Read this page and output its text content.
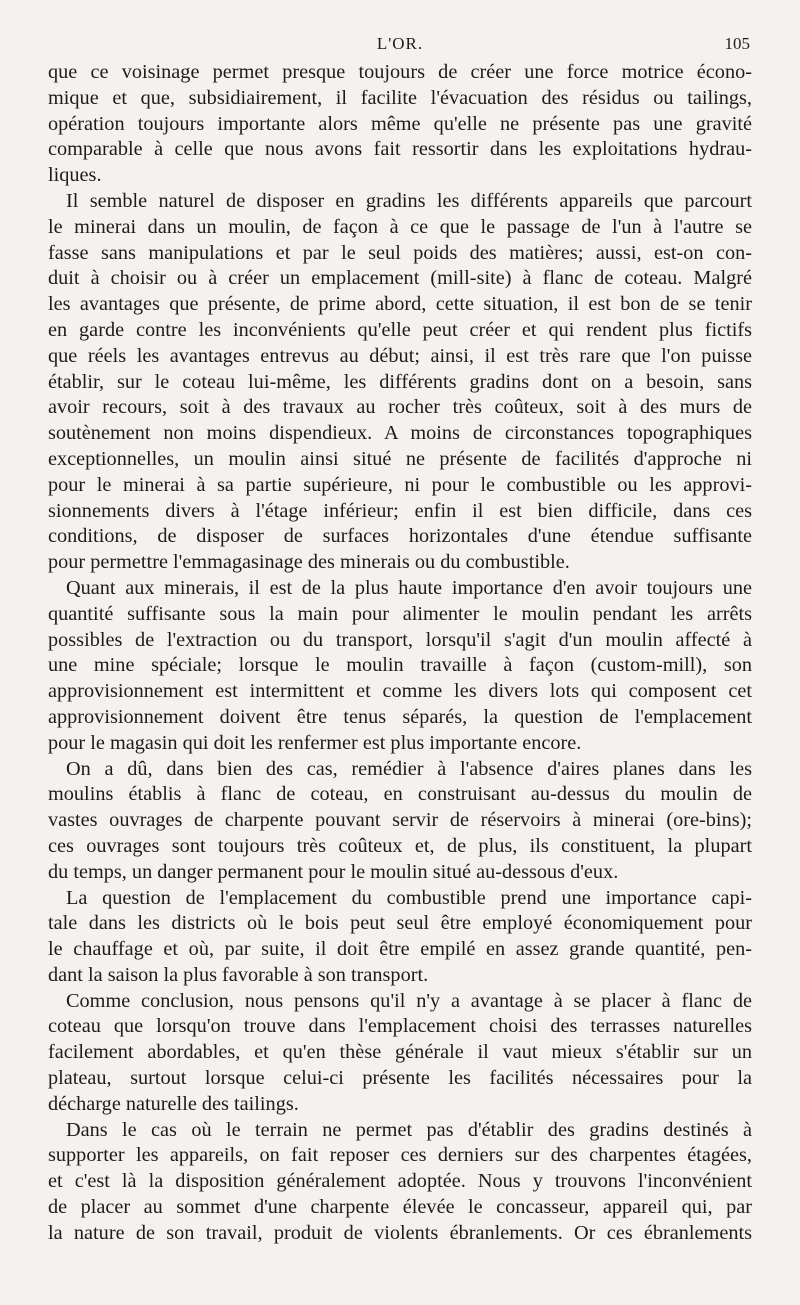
L'OR.	105
que ce voisinage permet presque toujours de créer une force motrice écono-
mique et que, subsidiairement, il facilite l'évacuation des résidus ou tailings,
opération toujours importante alors même qu'elle ne présente pas une gravité
comparable à celle que nous avons fait ressortir dans les exploitations hydrau-
liques.
Il semble naturel de disposer en gradins les différents appareils que parcourt
le minerai dans un moulin, de façon à ce que le passage de l'un à l'autre se
fasse sans manipulations et par le seul poids des matières; aussi, est-on con-
duit à choisir ou à créer un emplacement (mill-site) à flanc de coteau. Malgré
les avantages que présente, de prime abord, cette situation, il est bon de se tenir
en garde contre les inconvénients qu'elle peut créer et qui rendent plus fictifs
que réels les avantages entrevus au début; ainsi, il est très rare que l'on puisse
établir, sur le coteau lui-même, les différents gradins dont on a besoin, sans
avoir recours, soit à des travaux au rocher très coûteux, soit à des murs de
soutènement non moins dispendieux. A moins de circonstances topographiques
exceptionnelles, un moulin ainsi situé ne présente de facilités d'approche ni
pour le minerai à sa partie supérieure, ni pour le combustible ou les approvi-
sionnements divers à l'étage inférieur; enfin il est bien difficile, dans ces
conditions, de disposer de surfaces horizontales d'une étendue suffisante
pour permettre l'emmagasinage des minerais ou du combustible.
Quant aux minerais, il est de la plus haute importance d'en avoir toujours une
quantité suffisante sous la main pour alimenter le moulin pendant les arrêts
possibles de l'extraction ou du transport, lorsqu'il s'agit d'un moulin affecté à
une mine spéciale; lorsque le moulin travaille à façon (custom-mill), son
approvisionnement est intermittent et comme les divers lots qui composent cet
approvisionnement doivent être tenus séparés, la question de l'emplacement
pour le magasin qui doit les renfermer est plus importante encore.
On a dû, dans bien des cas, remédier à l'absence d'aires planes dans les
moulins établis à flanc de coteau, en construisant au-dessus du moulin de
vastes ouvrages de charpente pouvant servir de réservoirs à minerai (ore-bins);
ces ouvrages sont toujours très coûteux et, de plus, ils constituent, la plupart
du temps, un danger permanent pour le moulin situé au-dessous d'eux.
La question de l'emplacement du combustible prend une importance capi-
tale dans les districts où le bois peut seul être employé économiquement pour
le chauffage et où, par suite, il doit être empilé en assez grande quantité, pen-
dant la saison la plus favorable à son transport.
Comme conclusion, nous pensons qu'il n'y a avantage à se placer à flanc de
coteau que lorsqu'on trouve dans l'emplacement choisi des terrasses naturelles
facilement abordables, et qu'en thèse générale il vaut mieux s'établir sur un
plateau, surtout lorsque celui-ci présente les facilités nécessaires pour la
décharge naturelle des tailings.
Dans le cas où le terrain ne permet pas d'établir des gradins destinés à
supporter les appareils, on fait reposer ces derniers sur des charpentes étagées,
et c'est là la disposition généralement adoptée. Nous y trouvons l'inconvénient
de placer au sommet d'une charpente élevée le concasseur, appareil qui, par
la nature de son travail, produit de violents ébranlements. Or ces ébranlements
